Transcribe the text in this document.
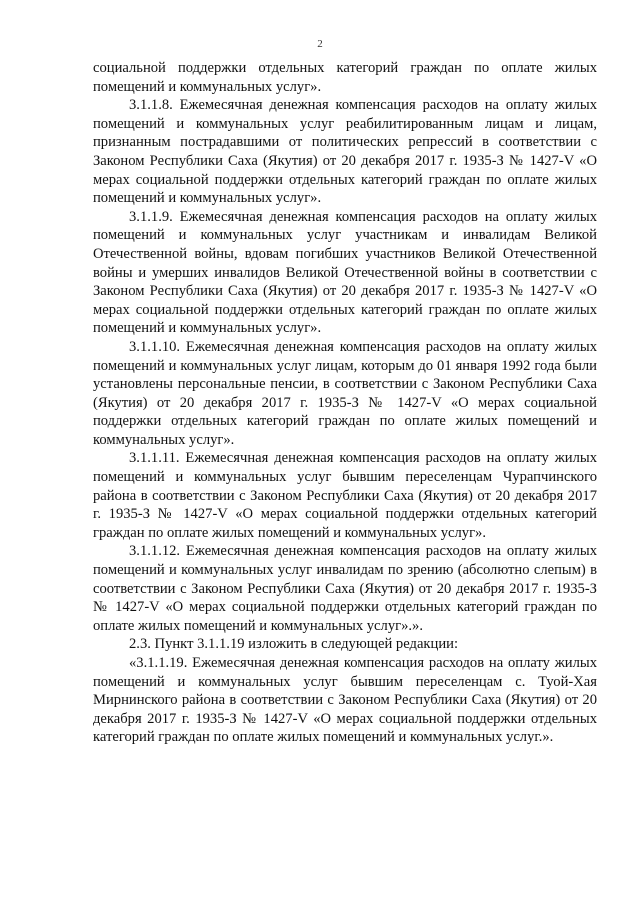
2

социальной поддержки отдельных категорий граждан по оплате жилых помещений и коммунальных услуг».

3.1.1.8. Ежемесячная денежная компенсация расходов на оплату жилых помещений и коммунальных услуг реабилитированным лицам и лицам, признанным пострадавшими от политических репрессий в соответствии с Законом Республики Саха (Якутия) от 20 декабря 2017 г. 1935-З № 1427-V «О мерах социальной поддержки отдельных категорий граждан по оплате жилых помещений и коммунальных услуг».

3.1.1.9. Ежемесячная денежная компенсация расходов на оплату жилых помещений и коммунальных услуг участникам и инвалидам Великой Отечественной войны, вдовам погибших участников Великой Отечественной войны и умерших инвалидов Великой Отечественной войны в соответствии с Законом Республики Саха (Якутия) от 20 декабря 2017 г. 1935-З № 1427-V «О мерах социальной поддержки отдельных категорий граждан по оплате жилых помещений и коммунальных услуг».

3.1.1.10. Ежемесячная денежная компенсация расходов на оплату жилых помещений и коммунальных услуг лицам, которым до 01 января 1992 года были установлены персональные пенсии, в соответствии с Законом Республики Саха (Якутия) от 20 декабря 2017 г. 1935-З № 1427-V «О мерах социальной поддержки отдельных категорий граждан по оплате жилых помещений и коммунальных услуг».

3.1.1.11. Ежемесячная денежная компенсация расходов на оплату жилых помещений и коммунальных услуг бывшим переселенцам Чурапчинского района в соответствии с Законом Республики Саха (Якутия) от 20 декабря 2017 г. 1935-З № 1427-V «О мерах социальной поддержки отдельных категорий граждан по оплате жилых помещений и коммунальных услуг».

3.1.1.12. Ежемесячная денежная компенсация расходов на оплату жилых помещений и коммунальных услуг инвалидам по зрению (абсолютно слепым) в соответствии с Законом Республики Саха (Якутия) от 20 декабря 2017 г. 1935-З № 1427-V «О мерах социальной поддержки отдельных категорий граждан по оплате жилых помещений и коммунальных услуг».».

2.3. Пункт 3.1.1.19 изложить в следующей редакции:

«3.1.1.19. Ежемесячная денежная компенсация расходов на оплату жилых помещений и коммунальных услуг бывшим переселенцам с. Туой-Хая Мирнинского района в соответствии с Законом Республики Саха (Якутия) от 20 декабря 2017 г. 1935-З № 1427-V «О мерах социальной поддержки отдельных категорий граждан по оплате жилых помещений и коммунальных услуг.».
